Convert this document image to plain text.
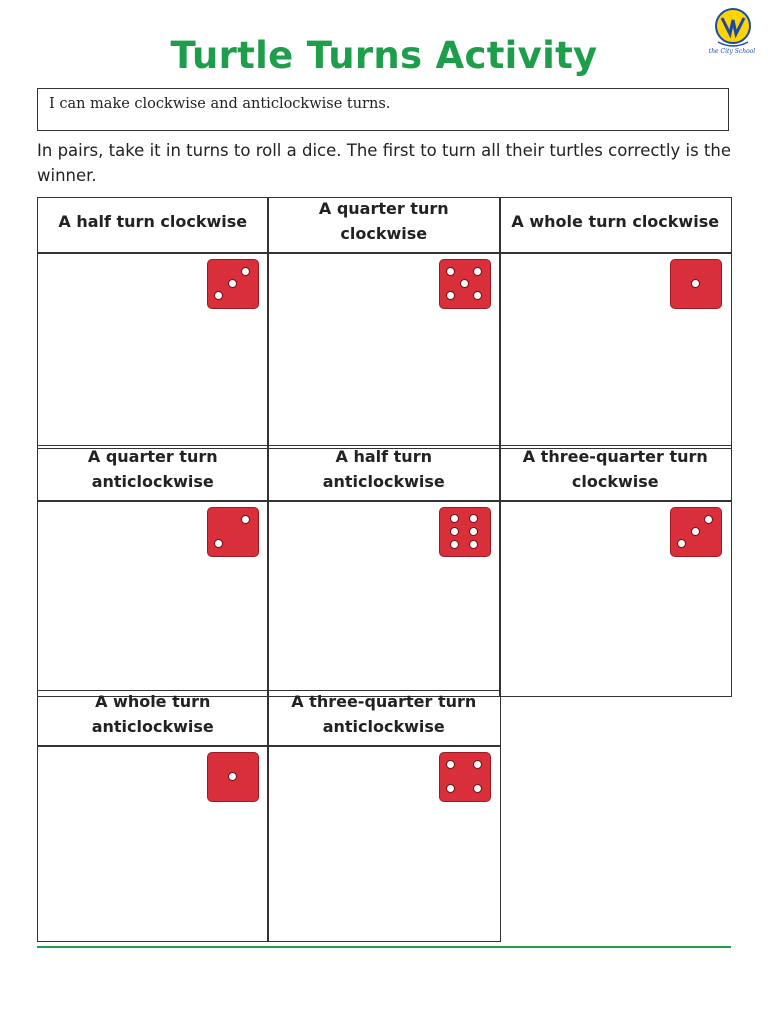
Turtle Turns Activity	the City School
I can make clockwise and anticlockwise turns.
In pairs, take it in turns to roll a dice. The first to turn all their turtles correctly is the winner.
A half turn clockwise
A quarter turn clockwise
A whole turn clockwise
A quarter turn anticlockwise
A half turn anticlockwise
A three-quarter turn clockwise
A whole turn anticlockwise
A three-quarter turn anticlockwise
